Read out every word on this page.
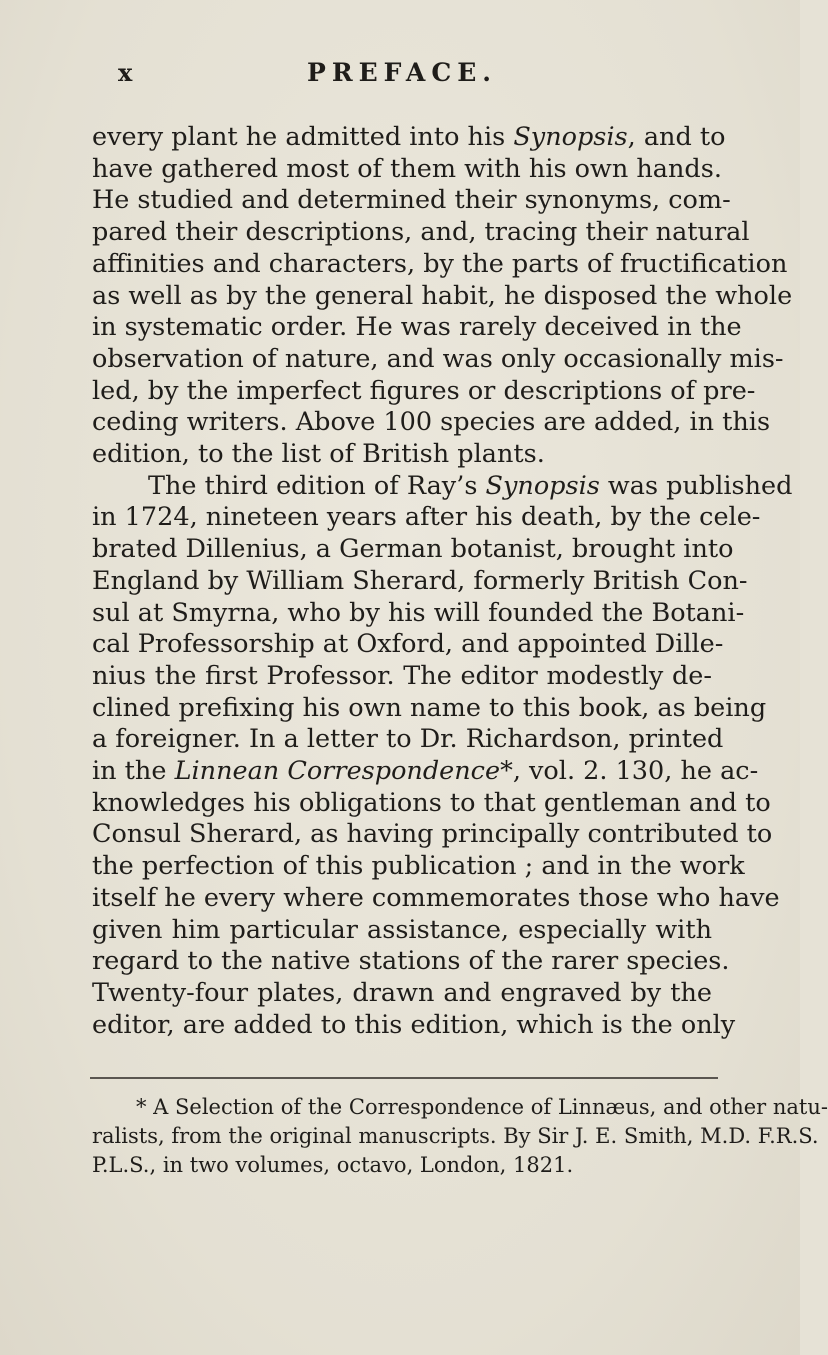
x	PREFACE.
every plant he admitted into his Synopsis, and to
have gathered most of them with his own hands.
He studied and determined their synonyms, com-
pared their descriptions, and, tracing their natural
affinities and characters, by the parts of fructification
as well as by the general habit, he disposed the whole
in systematic order. He was rarely deceived in the
observation of nature, and was only occasionally mis-
led, by the imperfect figures or descriptions of pre-
ceding writers. Above 100 species are added, in this
edition, to the list of British plants.
The third edition of Ray’s Synopsis was published
in 1724, nineteen years after his death, by the cele-
brated Dillenius, a German botanist, brought into
England by William Sherard, formerly British Con-
sul at Smyrna, who by his will founded the Botani-
cal Professorship at Oxford, and appointed Dille-
nius the first Professor. The editor modestly de-
clined prefixing his own name to this book, as being
a foreigner. In a letter to Dr. Richardson, printed
in the Linnean Correspondence*, vol. 2. 130, he ac-
knowledges his obligations to that gentleman and to
Consul Sherard, as having principally contributed to
the perfection of this publication ; and in the work
itself he every where commemorates those who have
given him particular assistance, especially with
regard to the native stations of the rarer species.
Twenty-four plates, drawn and engraved by the
editor, are added to this edition, which is the only
* A Selection of the Correspondence of Linnæus, and other natu-
ralists, from the original manuscripts. By Sir J. E. Smith, M.D. F.R.S.
P.L.S., in two volumes, octavo, London, 1821.
